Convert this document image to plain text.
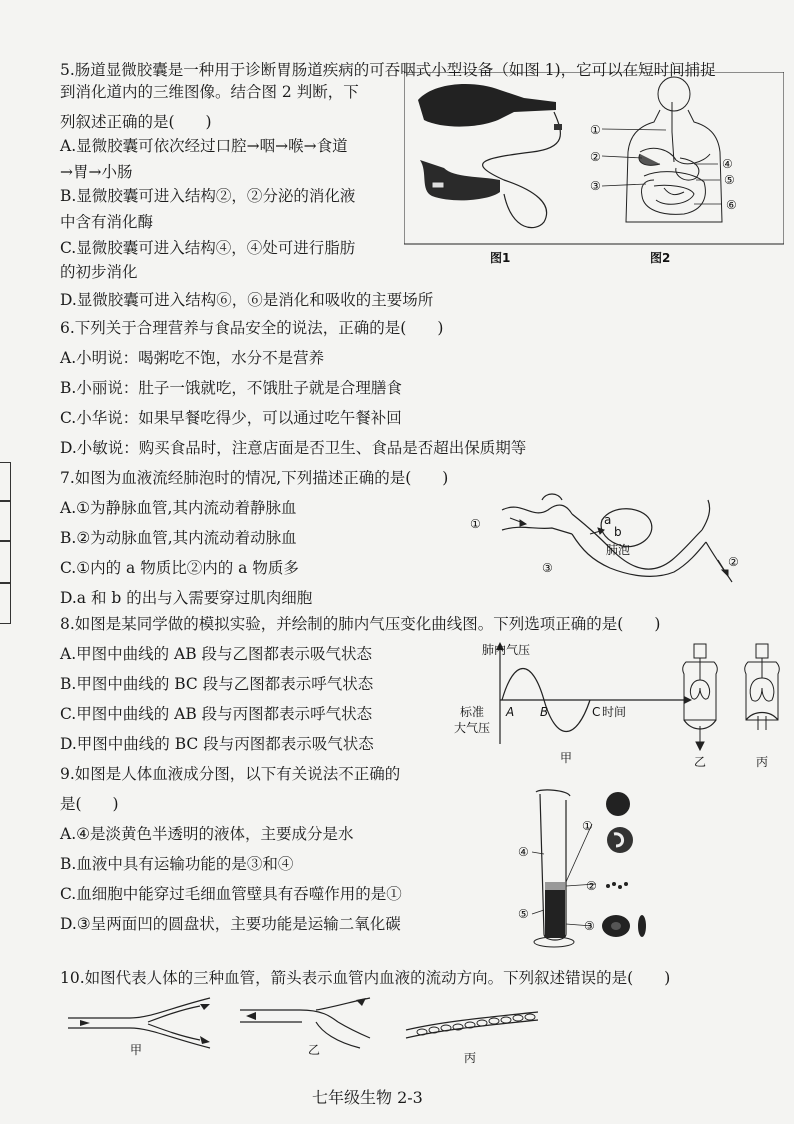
5.肠道显微胶囊是一种用于诊断胃肠道疾病的可吞咽式小型设备（如图 1)，它可以在短时间捕捉
到消化道内的三维图像。结合图 2 判断，下
列叙述正确的是(　　)
A.显微胶囊可依次经过口腔→咽→喉→食道
→胃→小肠
B.显微胶囊可进入结构②，②分泌的消化液
中含有消化酶
C.显微胶囊可进入结构④，④处可进行脂肪
的初步消化
D.显微胶囊可进入结构⑥，⑥是消化和吸收的主要场所
①
②
③
④
⑤
⑥
图1	图2
6.下列关于合理营养与食品安全的说法，正确的是(　　)
A.小明说：喝粥吃不饱，水分不是营养
B.小丽说：肚子一饿就吃，不饿肚子就是合理膳食
C.小华说：如果早餐吃得少，可以通过吃午餐补回
D.小敏说：购买食品时，注意店面是否卫生、食品是否超出保质期等
7.如图为血液流经肺泡时的情况,下列描述正确的是(　　)
A.①为静脉血管,其内流动着静脉血
B.②为动脉血管,其内流动着动脉血
C.①内的 a 物质比②内的 a 物质多
D.a 和 b 的出与入需要穿过肌肉细胞
①
②
③
a
b
肺泡
8.如图是某同学做的模拟实验，并绘制的肺内气压变化曲线图。下列选项正确的是(　　)
A.甲图中曲线的 AB 段与乙图都表示吸气状态
B.甲图中曲线的 BC 段与乙图都表示呼气状态
C.甲图中曲线的 AB 段与丙图都表示呼气状态
D.甲图中曲线的 BC 段与丙图都表示吸气状态
肺内气压
标准
大气压
A B	C 时间
甲	乙	丙
9.如图是人体血液成分图，以下有关说法不正确的
是(　　)
A.④是淡黄色半透明的液体，主要成分是水
B.血液中具有运输功能的是③和④
C.血细胞中能穿过毛细血管壁具有吞噬作用的是①
D.③呈两面凹的圆盘状，主要功能是运输二氧化碳
①
②
③
④
⑤
10.如图代表人体的三种血管，箭头表示血管内血液的流动方向。下列叙述错误的是(　　)
甲	乙
丙
七年级生物 2-3
